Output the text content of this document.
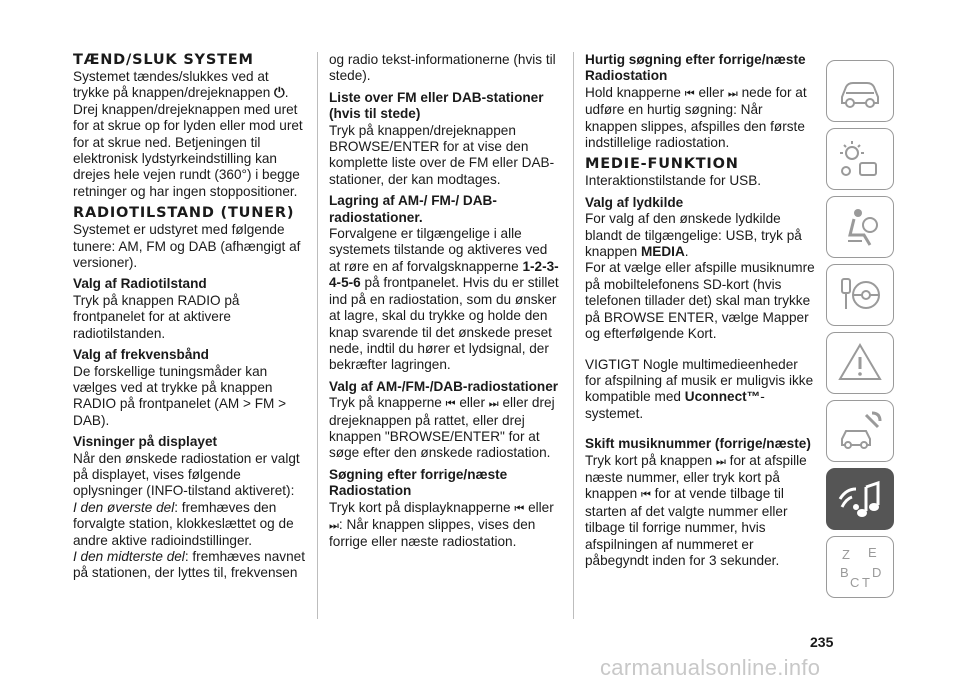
TÆND/SLUK SYSTEM

Systemet tændes/slukkes ved at trykke på knappen/drejeknappen ⏻.

Drej knappen/drejeknappen med uret for at skrue op for lyden eller mod uret for at skrue ned. Betjeningen til elektronisk lydstyrkeindstilling kan drejes hele vejen rundt (360°) i begge retninger og har ingen stoppositioner.

RADIOTILSTAND (TUNER)

Systemet er udstyret med følgende tunere: AM, FM og DAB (afhængigt af versioner).

Valg af Radiotilstand

Tryk på knappen RADIO på frontpanelet for at aktivere radiotilstanden.

Valg af frekvensbånd

De forskellige tuningsmåder kan vælges ved at trykke på knappen RADIO på frontpanelet (AM > FM > DAB).

Visninger på displayet

Når den ønskede radiostation er valgt på displayet, vises følgende oplysninger (INFO-tilstand aktiveret):

I den øverste del: fremhæves den forvalgte station, klokkeslættet og de andre aktive radioindstillinger.

I den midterste del: fremhæves navnet på stationen, der lyttes til, frekvensen

og radio tekst-informationerne (hvis til stede).

Liste over FM eller DAB-stationer (hvis til stede)

Tryk på knappen/drejeknappen BROWSE/ENTER for at vise den komplette liste over de FM eller DAB-stationer, der kan modtages.

Lagring af AM-/ FM-/ DAB-radiostationer.

Forvalgene er tilgængelige i alle systemets tilstande og aktiveres ved at røre en af forvalgsknapperne 1-2-3-4-5-6 på frontpanelet. Hvis du er stillet ind på en radiostation, som du ønsker at lagre, skal du trykke og holde den knap svarende til det ønskede preset nede, indtil du hører et lydsignal, der bekræfter lagringen.

Valg af AM-/FM-/DAB-radiostationer

Tryk på knapperne ⏮ eller ⏭ eller drej drejeknappen på rattet, eller drej knappen "BROWSE/ENTER" for at søge efter den ønskede radiostation.

Søgning efter forrige/næste Radiostation

Tryk kort på displayknapperne ⏮ eller ⏭ : Når knappen slippes, vises den forrige eller næste radiostation.

Hurtig søgning efter forrige/næste Radiostation

Hold knapperne ⏮ eller ⏭ nede for at udføre en hurtig søgning: Når knappen slippes, afspilles den første indstillelige radiostation.

MEDIE-FUNKTION

Interaktionstilstande for USB.

Valg af lydkilde

For valg af den ønskede lydkilde blandt de tilgængelige: USB, tryk på knappen MEDIA.

For at vælge eller afspille musiknumre på mobiltelefonens SD-kort (hvis telefonen tillader det) skal man trykke på BROWSE ENTER, vælge Mapper og efterfølgende Kort.

VIGTIGT Nogle multimedieenheder for afspilning af musik er muligvis ikke kompatible med Uconnect™-systemet.

Skift musiknummer (forrige/næste)

Tryk kort på knappen ⏭ for at afspille næste nummer, eller tryk kort på knappen ⏮ for at vende tilbage til starten af det valgte nummer eller tilbage til forrige nummer, hvis afspilningen af nummeret er påbegyndt inden for 3 sekunder.	Z E
B D
C T
235
carmanualsonline.info
